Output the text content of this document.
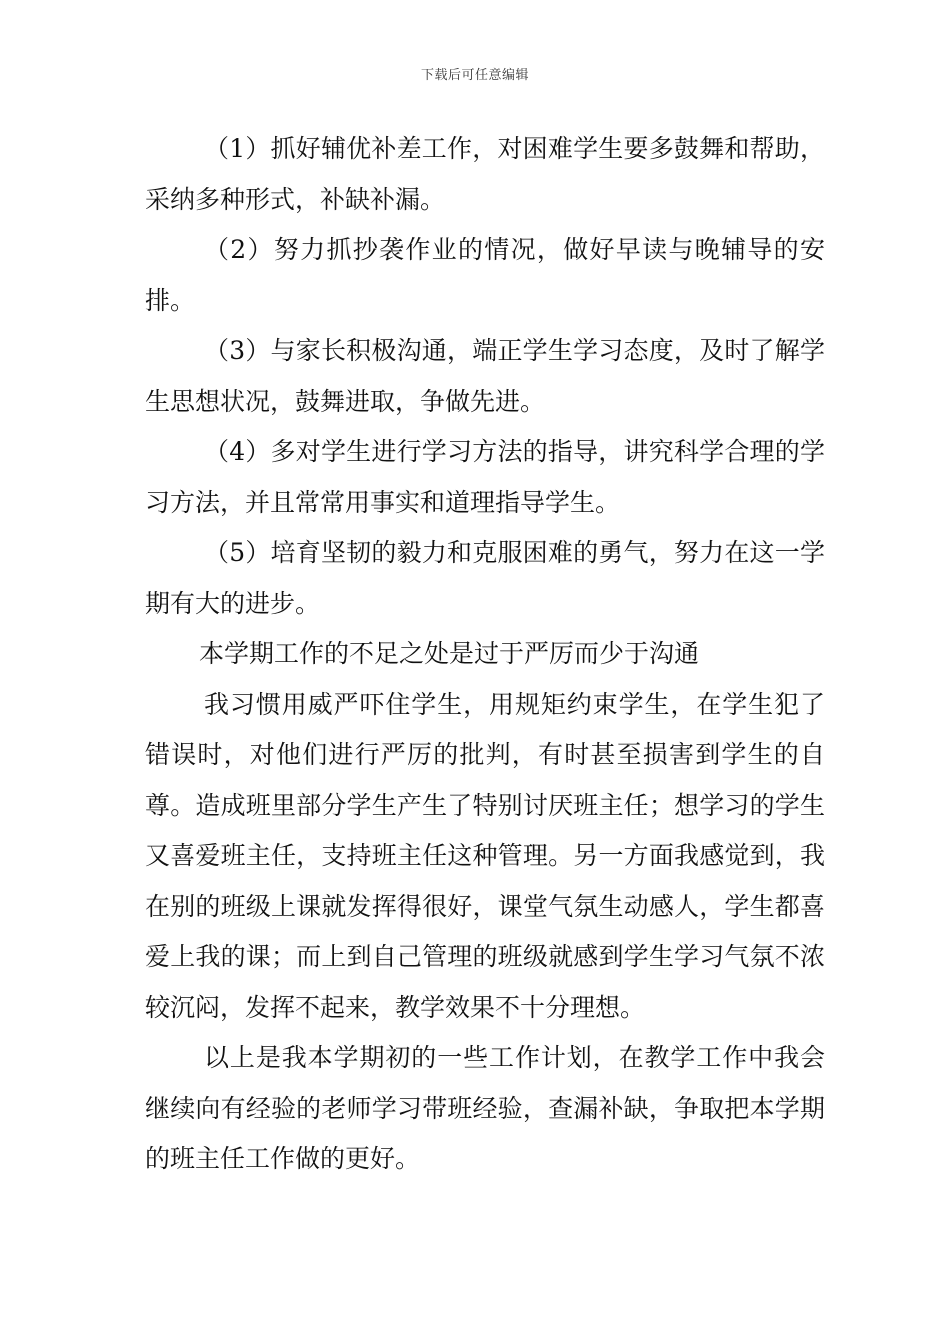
下载后可任意编辑

（1）抓好辅优补差工作，对困难学生要多鼓舞和帮助，采纳多种形式，补缺补漏。

（2）努力抓抄袭作业的情况，做好早读与晚辅导的安排。

（3）与家长积极沟通，端正学生学习态度，及时了解学生思想状况，鼓舞进取，争做先进。

（4）多对学生进行学习方法的指导，讲究科学合理的学习方法，并且常常用事实和道理指导学生。

（5）培育坚韧的毅力和克服困难的勇气，努力在这一学期有大的进步。

本学期工作的不足之处是过于严厉而少于沟通

我习惯用威严吓住学生，用规矩约束学生，在学生犯了错误时，对他们进行严厉的批判，有时甚至损害到学生的自尊。造成班里部分学生产生了特别讨厌班主任；想学习的学生又喜爱班主任，支持班主任这种管理。另一方面我感觉到，我在别的班级上课就发挥得很好，课堂气氛生动感人，学生都喜爱上我的课；而上到自己管理的班级就感到学生学习气氛不浓较沉闷，发挥不起来，教学效果不十分理想。

以上是我本学期初的一些工作计划，在教学工作中我会继续向有经验的老师学习带班经验，查漏补缺，争取把本学期的班主任工作做的更好。
